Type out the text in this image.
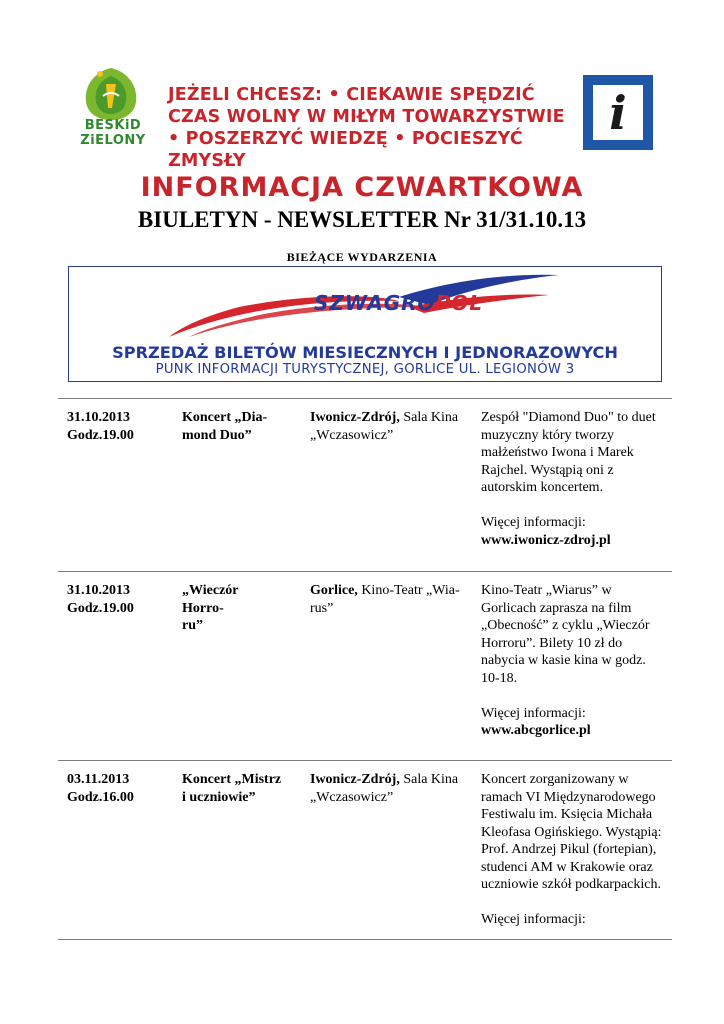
BESKiD
ZiELONY
JEŻELI CHCESZ: • CIEKAWIE SPĘDZIĆ
CZAS WOLNY W MIŁYM TOWARZYSTWIE
• POSZERZYĆ WIEDZĘ • POCIESZYĆ ZMYSŁY
i
INFORMACJA CZWARTKOWA
BIULETYN - NEWSLETTER Nr 31/31.10.13
BIEŻĄCE WYDARZENIA
SZWAGROPOL
SPRZEDAŻ BILETÓW MIESIECZNYCH I JEDNORAZOWYCH
PUNK INFORMACJI TURYSTYCZNEJ, GORLICE UL. LEGIONÓW 3
31.10.2013
Godz.19.00
Koncert „Dia-
mond Duo”
Iwonicz-Zdrój, Sala Kina
„Wczasowicz”
Zespół "Diamond Duo" to duet
muzyczny który tworzy
małżeństwo Iwona i Marek
Rajchel. Wystąpią oni z
autorskim koncertem.
Więcej informacji:
www.iwonicz-zdroj.pl
31.10.2013
Godz.19.00
„Wieczór Horro-
ru”
Gorlice, Kino-Teatr „Wia-
rus”
Kino-Teatr „Wiarus” w
Gorlicach zaprasza na film
„Obecność” z cyklu „Wieczór
Horroru”. Bilety 10 zł do
nabycia w kasie kina w godz.
10-18.
Więcej informacji:
www.abcgorlice.pl
03.11.2013
Godz.16.00
Koncert „Mistrz
i uczniowie”
Iwonicz-Zdrój, Sala Kina
„Wczasowicz”
Koncert zorganizowany w
ramach VI Międzynarodowego
Festiwalu im. Księcia Michała
Kleofasa Ogińskiego. Wystąpią:
Prof. Andrzej Pikul (fortepian),
studenci AM w Krakowie oraz
uczniowie szkół podkarpackich.
Więcej informacji:
